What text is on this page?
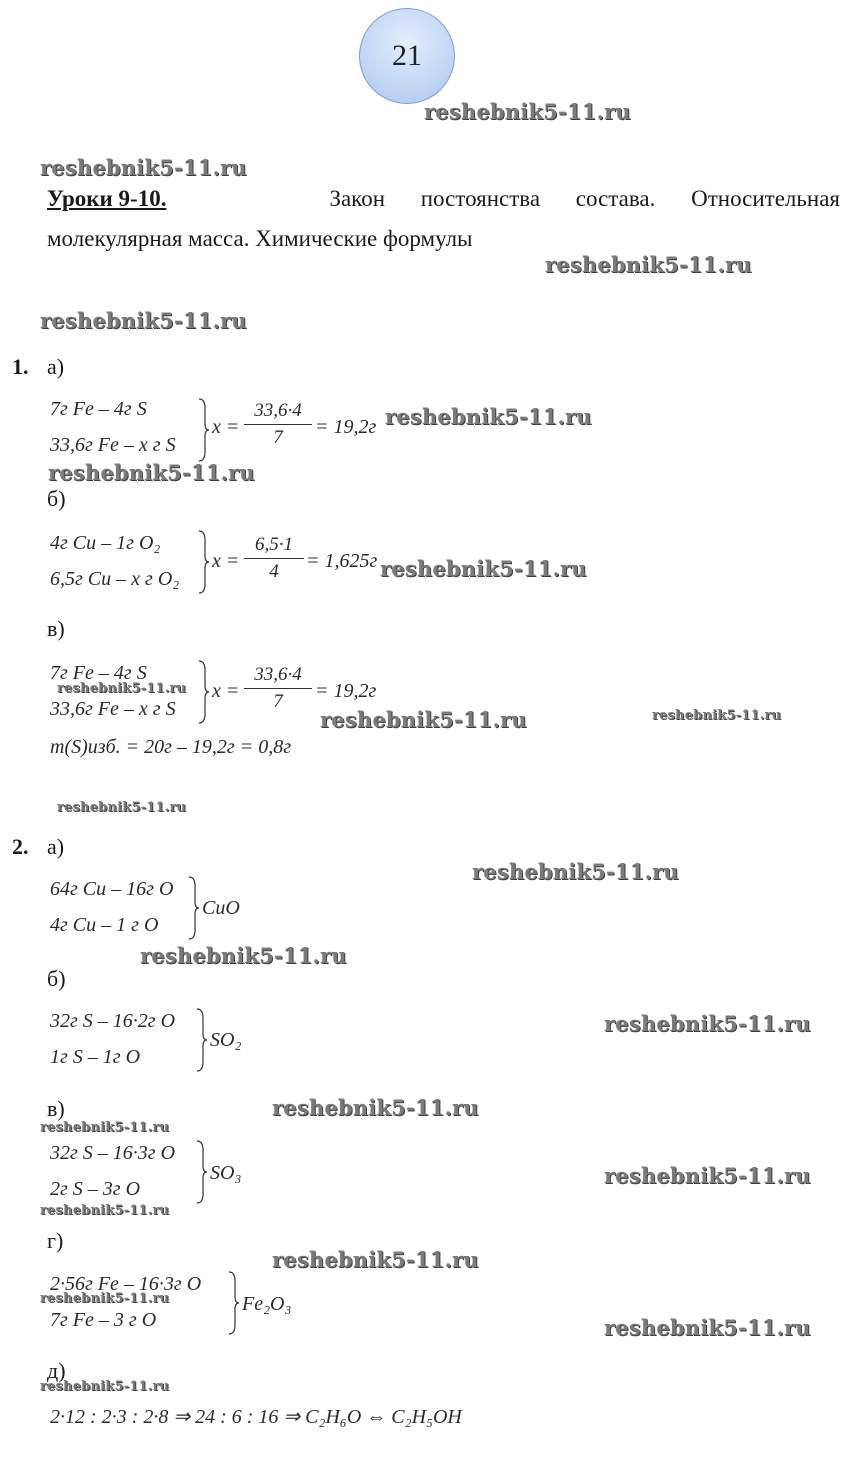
21
Уроки 9-10.	Закон постоянства состава. Относительная
молекулярная масса. Химические формулы
1. а)
7г Fe – 4г S
33,6г Fe – x г S
x =
33,6·4
7	= 19,2г
б)
4г Cu – 1г O₂
6,5г Cu – x г O₂
x =
6,5·1
4	= 1,625г
в)
7г Fe – 4г S
33,6г Fe – x г S
x =
33,6·4
7	= 19,2г
m(S)изб. = 20г – 19,2г = 0,8г
2. а)
64г Cu – 16г O
4г Cu – 1 г O
CuO
б)
32г S – 16·2г O
1г S – 1г O
SO₂
в)
32г S – 16·3г O
2г S – 3г O
SO₃
г)
2·56г Fe – 16·3г O
7г Fe – 3 г O
Fe₂O₃
д)
2·12 : 2·3 : 2·8 ⇒ 24 : 6 : 16 ⇒ C₂H₆O ⇔ C₂H₅OH
reshebnik5-11.ru
reshebnik5-11.ru
reshebnik5-11.ru
reshebnik5-11.ru
reshebnik5-11.ru
reshebnik5-11.ru
reshebnik5-11.ru
reshebnik5-11.ru
reshebnik5-11.ru	reshebnik5-11.ru
reshebnik5-11.ru
reshebnik5-11.ru
reshebnik5-11.ru
reshebnik5-11.ru
reshebnik5-11.ru
reshebnik5-11.ru
reshebnik5-11.ru
reshebnik5-11.ru
reshebnik5-11.ru
reshebnik5-11.ru
reshebnik5-11.ru
reshebnik5-11.ru
